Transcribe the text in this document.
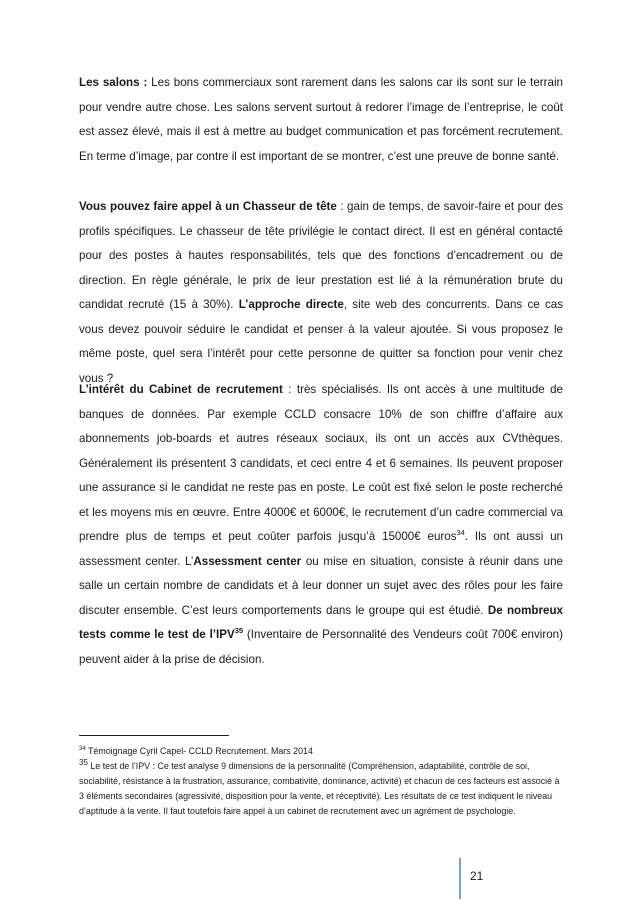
Les salons : Les bons commerciaux sont rarement dans les salons car ils sont sur le terrain pour vendre autre chose. Les salons servent surtout à redorer l’image de l’entreprise, le coût est assez élevé, mais il est à mettre au budget communication et pas forcément recrutement. En terme d’image, par contre il est important de se montrer, c’est une preuve de bonne santé.

Vous pouvez faire appel à un Chasseur de tête : gain de temps, de savoir-faire et pour des profils spécifiques. Le chasseur de tête privilégie le contact direct. Il est en général contacté pour des postes à hautes responsabilités, tels que des fonctions d’encadrement ou de direction. En règle générale, le prix de leur prestation est lié à la rémunération brute du candidat recruté (15 à 30%). L’approche directe, site web des concurrents. Dans ce cas vous devez pouvoir séduire le candidat et penser à la valeur ajoutée. Si vous proposez le même poste, quel sera l’intérêt pour cette personne de quitter sa fonction pour venir chez vous ?

L’intérêt du Cabinet de recrutement : très spécialisés. Ils ont accès à une multitude de banques de données. Par exemple CCLD consacre 10% de son chiffre d’affaire aux abonnements job-boards et autres réseaux sociaux, ils ont un accès aux CVthèques. Généralement ils présentent 3 candidats, et ceci entre 4 et 6 semaines. Ils peuvent proposer une assurance si le candidat ne reste pas en poste. Le coût est fixé selon le poste recherché et les moyens mis en œuvre. Entre 4000€ et 6000€, le recrutement d’un cadre commercial va prendre plus de temps et peut coûter parfois jusqu’à 15000€ euros$^{34}$. Ils ont aussi un assessment center. L’Assessment center ou mise en situation, consiste à réunir dans une salle un certain nombre de candidats et à leur donner un sujet avec des rôles pour les faire discuter ensemble. C’est leurs comportements dans le groupe qui est étudié. De nombreux tests comme le test de l’IPV$^{35}$ (Inventaire de Personnalité des Vendeurs coût 700€ environ) peuvent aider à la prise de décision.

$^{34}$ Témoignage Cyril Capel- CCLD Recrutement. Mars 2014

$^{35}$ Le test de l’IPV : Ce test analyse 9 dimensions de la personnalité (Compréhension, adaptabilité, contrôle de soi, sociabilité, résistance à la frustration, assurance, combativité, dominance, activité) et chacun de ces facteurs est associé à 3 éléments secondaires (agressivité, disposition pour la vente, et réceptivité). Les résultats de ce test indiquent le niveau d’aptitude à la vente. Il faut toutefois faire appel à un cabinet de recrutement avec un agrément de psychologie.

21
